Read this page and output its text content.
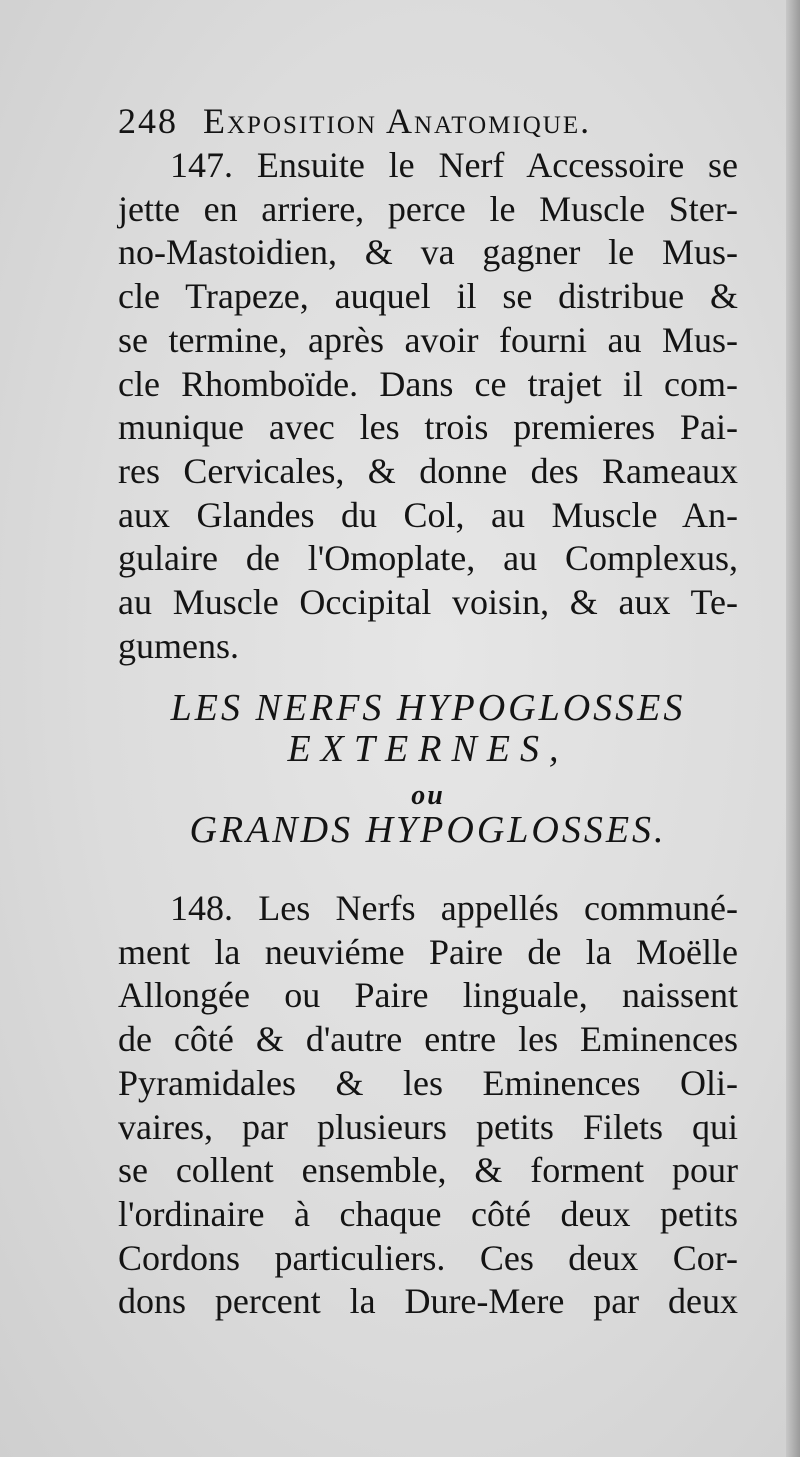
248 Exposition Anatomique.
147. Ensuite le Nerf Accessoire se
jette en arriere, perce le Muscle Ster-
no-Mastoidien, & va gagner le Mus-
cle Trapeze, auquel il se distribue &
se termine, après avoir fourni au Mus-
cle Rhomboïde. Dans ce trajet il com-
munique avec les trois premieres Pai-
res Cervicales, & donne des Rameaux
aux Glandes du Col, au Muscle An-
gulaire de l'Omoplate, au Complexus,
au Muscle Occipital voisin, & aux Te-
gumens.
LES NERFS HYPOGLOSSES
EXTERNES,
ou
GRANDS HYPOGLOSSES.
148. Les Nerfs appellés communé-
ment la neuviéme Paire de la Moëlle
Allongée ou Paire linguale, naissent
de côté & d'autre entre les Eminences
Pyramidales & les Eminences Oli-
vaires, par plusieurs petits Filets qui
se collent ensemble, & forment pour
l'ordinaire à chaque côté deux petits
Cordons particuliers. Ces deux Cor-
dons percent la Dure-Mere par deux
